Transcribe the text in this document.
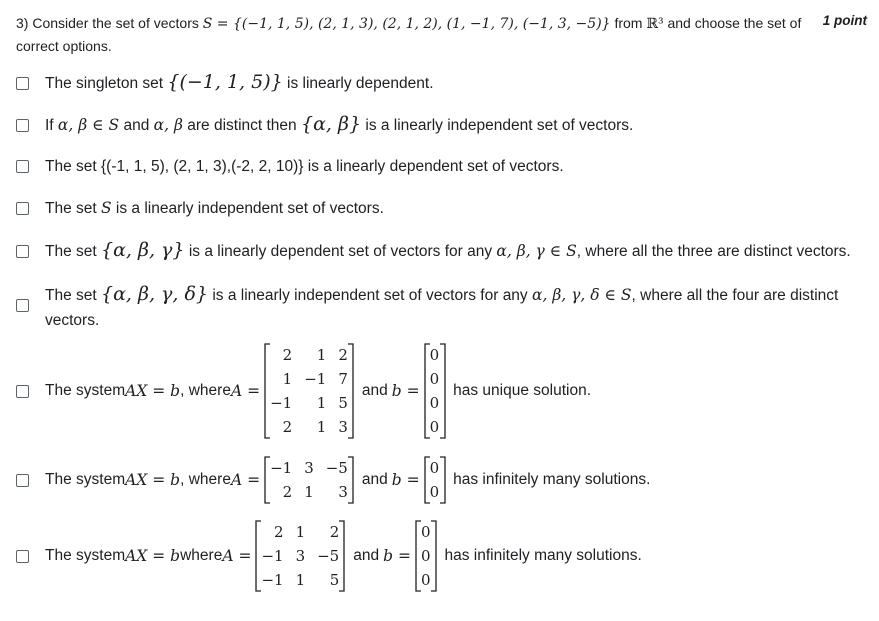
3) Consider the set of vectors S = {(−1, 1, 5), (2, 1, 3), (2, 1, 2), (1, −1, 7), (−1, 3, −5)} from ℝ³ and choose the set of correct options.
1 point
The singleton set {(−1, 1, 5)} is linearly dependent.
If α, β ∈ S and α, β are distinct then {α, β} is a linearly independent set of vectors.
The set {(-1, 1, 5), (2, 1, 3),(-2, 2, 10)} is a linearly dependent set of vectors.
The set S is a linearly independent set of vectors.
The set {α, β, γ} is a linearly dependent set of vectors for any α, β, γ ∈ S, where all the three are distinct vectors.
The set {α, β, γ, δ} is a linearly independent set of vectors for any α, β, γ, δ ∈ S, where all the four are distinct
vectors.
The system AX = b , where A =
2	1	2
1	−1	7
−1	1	5
2	1	3
and b =
0
0
0
0
has unique solution.
The system AX = b , where A =
−1	3	−5
2	1	3
and b =
0
0
has infinitely many solutions.
The system AX = b where A =
2	1	2
−1	3	−5
−1	1	5
and b =
0
0
0
has infinitely many solutions.
